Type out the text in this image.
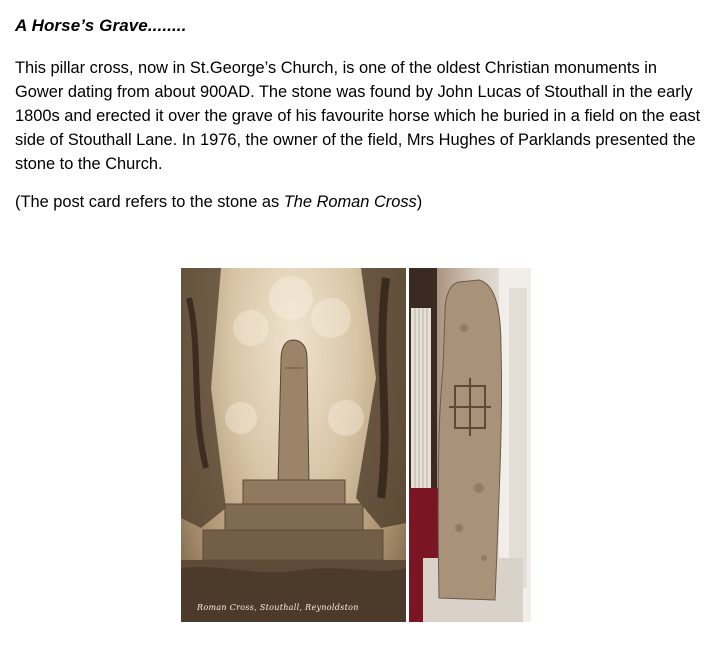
A Horse’s Grave........
This pillar cross, now in St.George’s Church, is one of the oldest Christian monuments in Gower dating from about 900AD. The stone was found by John Lucas of Stouthall in the early 1800s and erected it over the grave of his favourite horse which he buried in a field on the east side of Stouthall Lane. In 1976, the owner of the field, Mrs Hughes of Parklands presented the stone to the Church.
(The post card refers to the stone as The Roman Cross)
Roman Cross, Stouthall, Reynoldston
